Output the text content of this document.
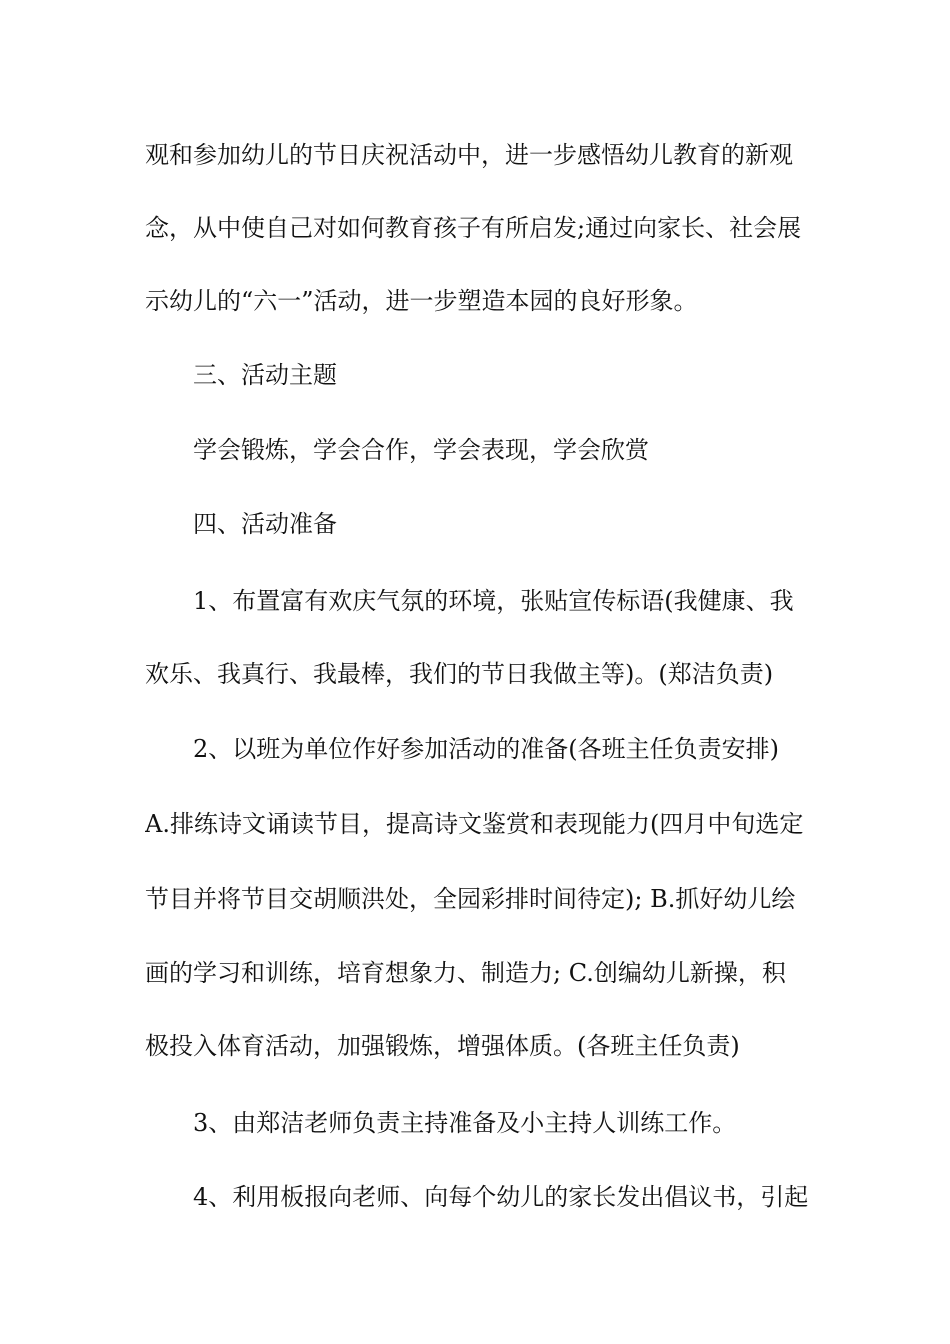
观和参加幼儿的节日庆祝活动中，进一步感悟幼儿教育的新观
念，从中使自己对如何教育孩子有所启发;通过向家长、社会展
示幼儿的“六一”活动，进一步塑造本园的良好形象。
三、活动主题
学会锻炼，学会合作，学会表现，学会欣赏
四、活动准备
1、布置富有欢庆气氛的环境，张贴宣传标语(我健康、我
欢乐、我真行、我最棒，我们的节日我做主等)。(郑洁负责)
2、以班为单位作好参加活动的准备(各班主任负责安排)
A.排练诗文诵读节目，提高诗文鉴赏和表现能力(四月中旬选定
节目并将节目交胡顺洪处，全园彩排时间待定); B.抓好幼儿绘
画的学习和训练，培育想象力、制造力; C.创编幼儿新操，积
极投入体育活动，加强锻炼，增强体质。(各班主任负责)
3、由郑洁老师负责主持准备及小主持人训练工作。
4、利用板报向老师、向每个幼儿的家长发出倡议书，引起
